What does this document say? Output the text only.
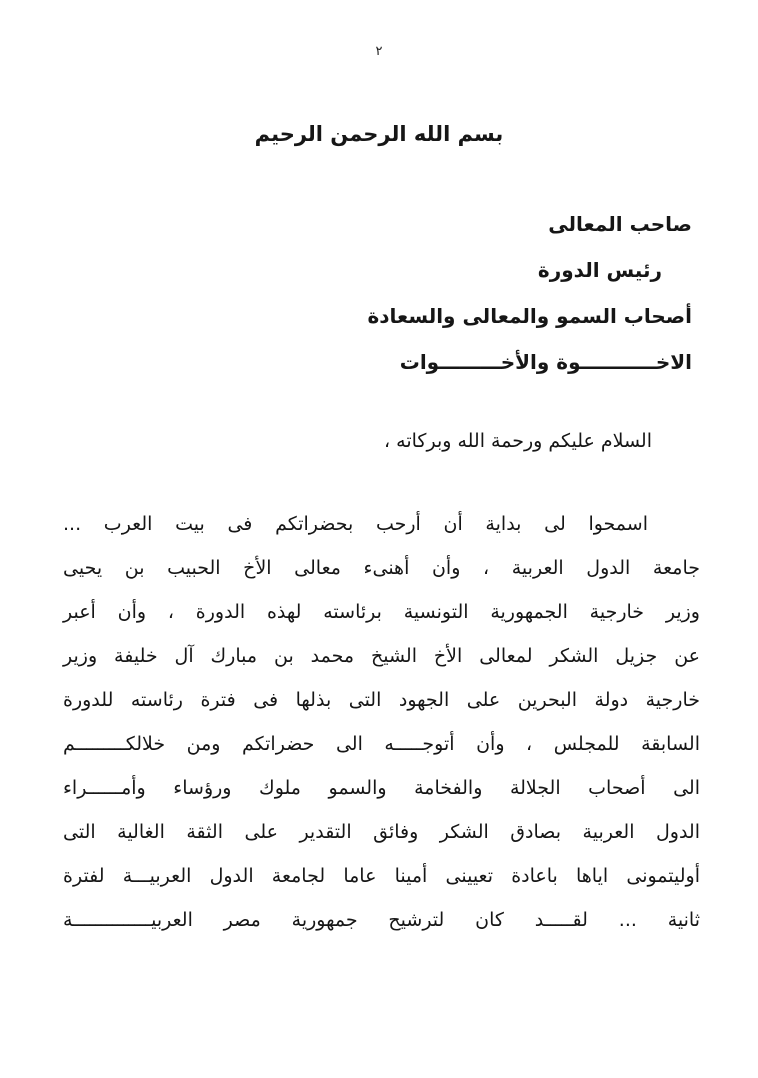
٢
بسم الله الرحمن الرحيم
صاحب المعالى
رئيس الدورة
أصحاب السمو والمعالى والسعادة
الاخـــــــــــوة والأخـــــــــوات
السلام عليكم ورحمة الله وبركاته ،
اسمحوا لى بداية أن أرحب بحضراتكم فى بيت العرب ...
جامعة الدول العربية ، وأن أهنىء معالى الأخ الحبيب بن يحيى
وزير خارجية الجمهورية التونسية برئاسته لهذه الدورة ، وأن أعبر
عن جزيل الشكر لمعالى الأخ الشيخ محمد بن مبارك آل خليفة وزير
خارجية دولة البحرين على الجهود التى بذلها فى فترة رئاسته للدورة
السابقة للمجلس ، وأن أتوجـــــه الى حضراتكم ومن خلالكـــــــــم
الى أصحاب الجلالة والفخامة والسمو ملوك ورؤساء وأمــــــراء
الدول العربية بصادق الشكر وفائق التقدير على الثقة الغالية التى
أوليتمونى اياها باعادة تعيينى أمينا عاما لجامعة الدول العربيـــة لفترة
ثانية ... لقـــــد كان لترشيح جمهورية مصر العربيــــــــــــــة
